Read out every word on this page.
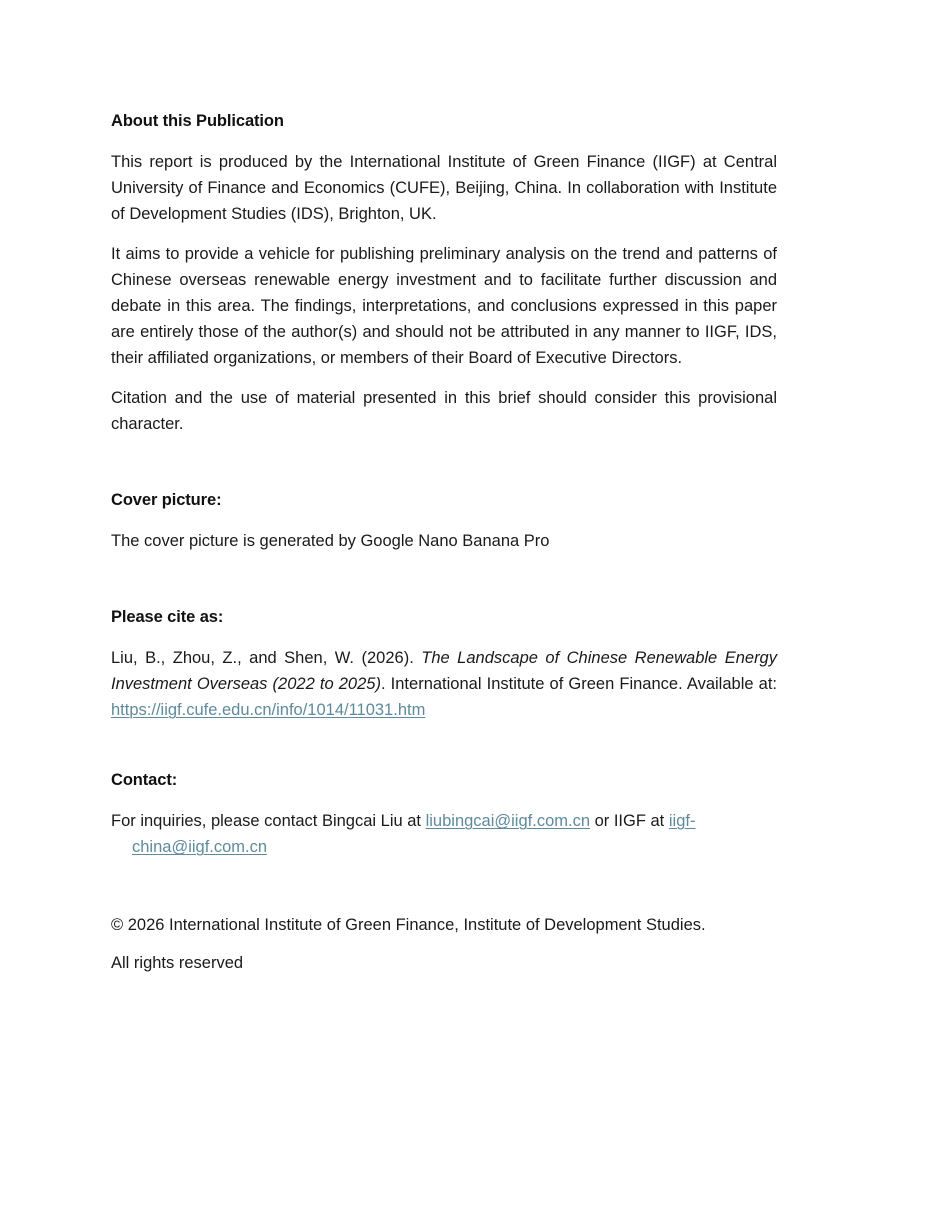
About this Publication

This report is produced by the International Institute of Green Finance (IIGF) at Central University of Finance and Economics (CUFE), Beijing, China. In collaboration with Institute of Development Studies (IDS), Brighton, UK.

It aims to provide a vehicle for publishing preliminary analysis on the trend and patterns of Chinese overseas renewable energy investment and to facilitate further discussion and debate in this area. The findings, interpretations, and conclusions expressed in this paper are entirely those of the author(s) and should not be attributed in any manner to IIGF, IDS, their affiliated organizations, or members of their Board of Executive Directors.

Citation and the use of material presented in this brief should consider this provisional character.

Cover picture:

The cover picture is generated by Google Nano Banana Pro

Please cite as:

Liu, B., Zhou, Z., and Shen, W. (2026). The Landscape of Chinese Renewable Energy Investment Overseas (2022 to 2025). International Institute of Green Finance. Available at: https://iigf.cufe.edu.cn/info/1014/11031.htm

Contact:

For inquiries, please contact Bingcai Liu at liubingcai@iigf.com.cn or IIGF at iigf-china@iigf.com.cn

© 2026 International Institute of Green Finance, Institute of Development Studies.

All rights reserved
